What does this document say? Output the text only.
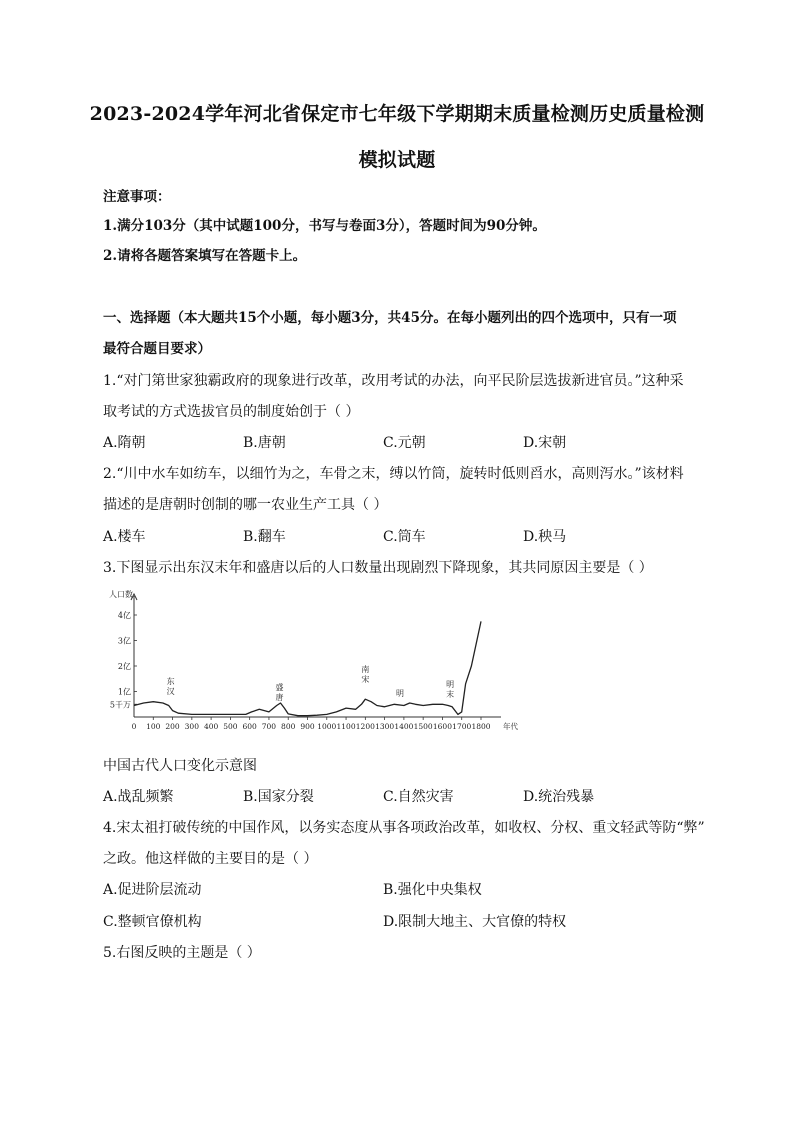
2023-2024学年河北省保定市七年级下学期期末质量检测历史质量检测
模拟试题
注意事项：
1.满分103分（其中试题100分，书写与卷面3分），答题时间为90分钟。
2.请将各题答案填写在答题卡上。
一、选择题（本大题共15个小题，每小题3分，共45分。在每小题列出的四个选项中，只有一项
最符合题目要求）
1.“对门第世家独霸政府的现象进行改革，改用考试的办法，向平民阶层选拔新进官员。”这种采
取考试的方式选拔官员的制度始创于（ ）
A.隋朝	B.唐朝	C.元朝	D.宋朝
2.“川中水车如纺车，以细竹为之，车骨之末，缚以竹筒，旋转时低则舀水，高则泻水。”该材料
描述的是唐朝时创制的哪一农业生产工具（ ）
A.楼车	B.翻车	C.筒车	D.秧马
3.下图显示出东汉末年和盛唐以后的人口数量出现剧烈下降现象，其共同原因主要是（ ）
人口数
5千万
1亿
2亿
3亿
4亿
100 200 300 400 500 600 700 800 900 1000 1100 1200 1300 1400 1500 1600 1700 1800
0	年代
东
汉	盛
唐
南
宋
明
明
末
中国古代人口变化示意图
A.战乱频繁	B.国家分裂	C.自然灾害	D.统治残暴
4.宋太祖打破传统的中国作风，以务实态度从事各项政治改革，如收权、分权、重文轻武等防“弊”
之政。他这样做的主要目的是（ ）
A.促进阶层流动	B.强化中央集权
C.整顿官僚机构	D.限制大地主、大官僚的特权
5.右图反映的主题是（ ）
